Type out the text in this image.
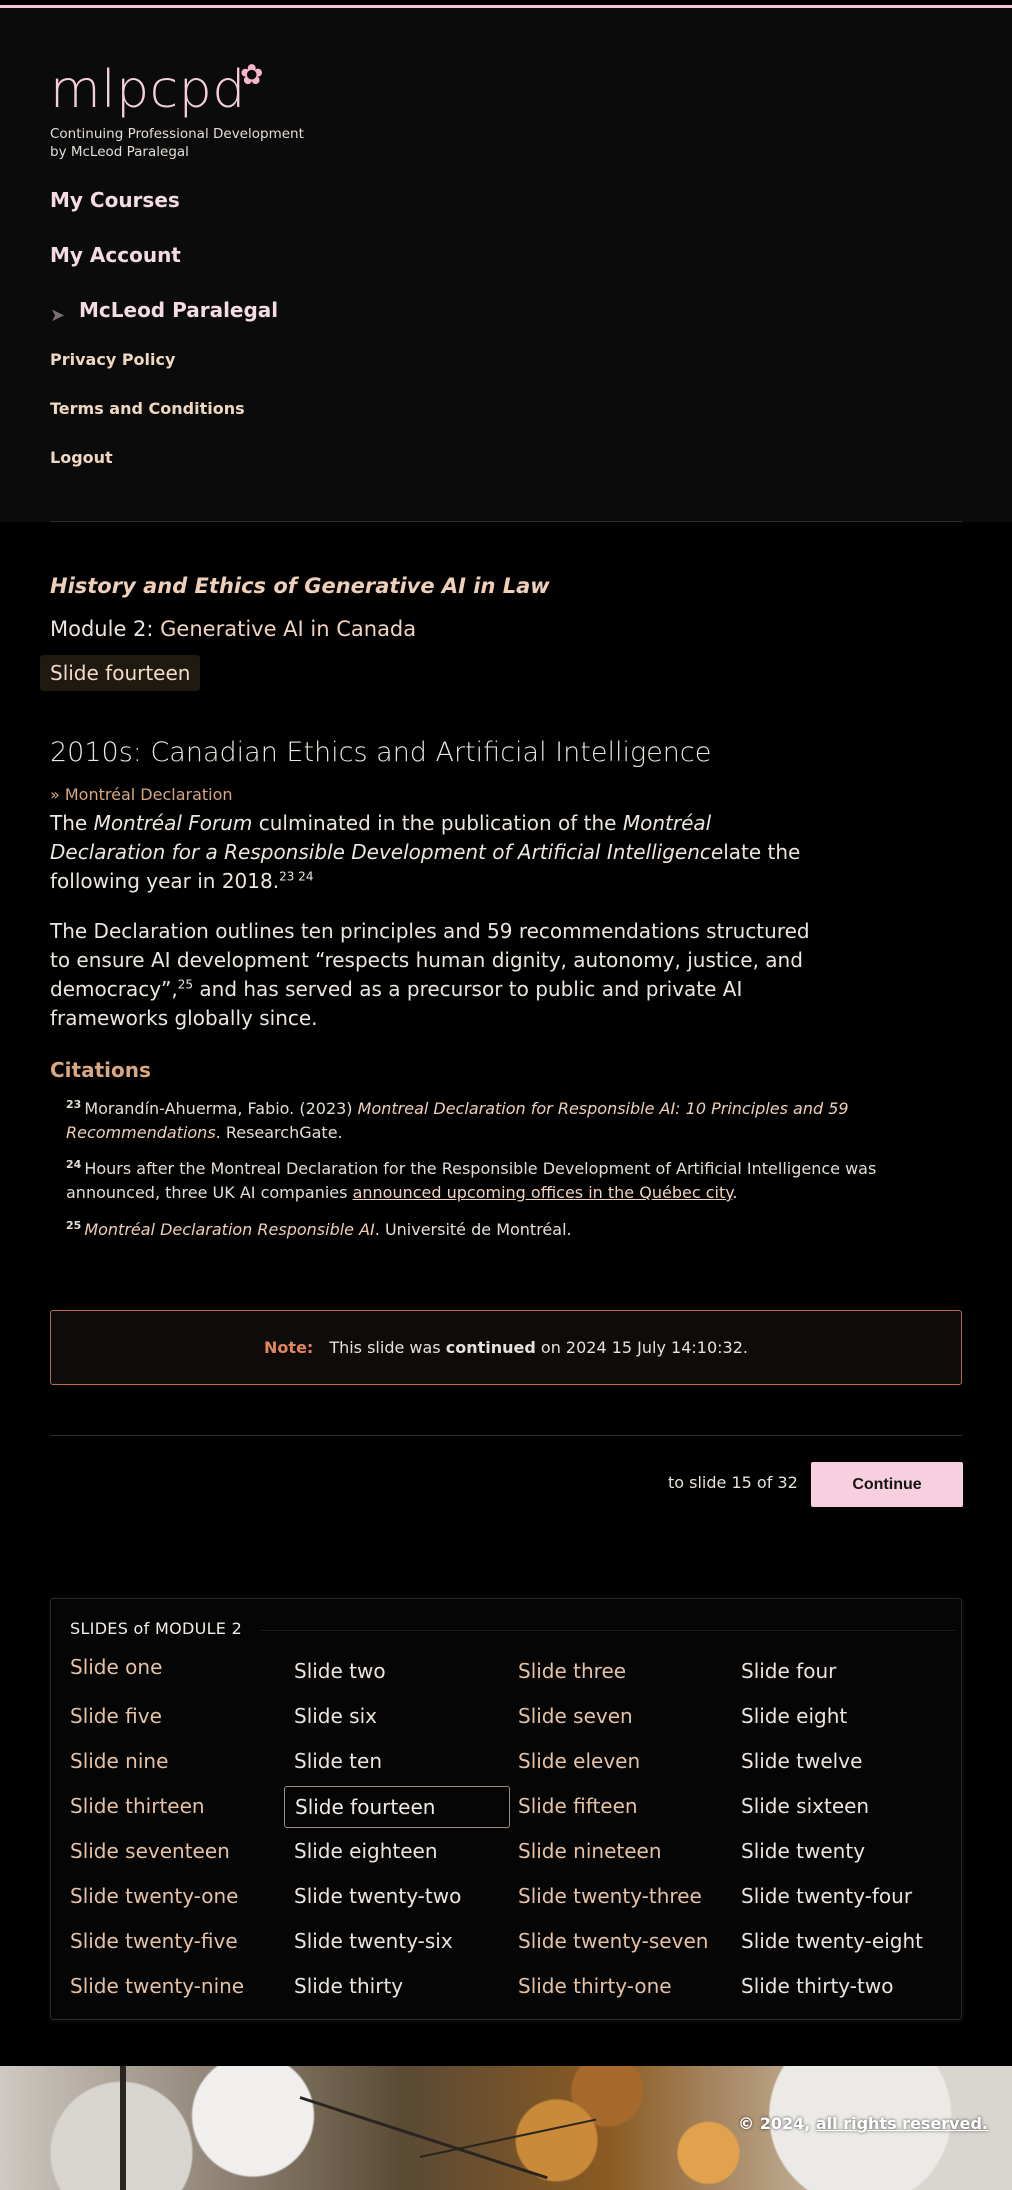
mlpcpd
✿
Continuing Professional Development
by McLeod Paralegal
My Courses
My Account
➤ McLeod Paralegal
Privacy Policy
Terms and Conditions
Logout
History and Ethics of Generative AI in Law
Module 2: Generative AI in Canada
Slide fourteen
2010s: Canadian Ethics and Artificial Intelligence
» Montréal Declaration

The Montréal Forum culminated in the publication of the Montréal Declaration for a Responsible Development of Artificial Intelligencelate the following year in 2018.$^{23 24}$

The Declaration outlines ten principles and 59 recommendations structured to ensure AI development “respects human dignity, autonomy, justice, and democracy”,$^{25}$ and has served as a precursor to public and private AI frameworks globally since.

Citations
$^{23}$ Morandín-Ahuerma, Fabio. (2023) Montreal Declaration for Responsible AI: 10 Principles and 59 Recommendations. ResearchGate.
$^{24}$ Hours after the Montreal Declaration for the Responsible Development of Artificial Intelligence was announced, three UK AI companies announced upcoming offices in the Québec city.
$^{25}$ Montréal Declaration Responsible AI. Université de Montréal.
Note: This slide was continued on 2024 15 July 14:10:32.
to slide 15 of 32	Continue
SLIDES of MODULE 2
Slide one	Slide two	Slide three	Slide four
Slide five	Slide six	Slide seven	Slide eight
Slide nine	Slide ten	Slide eleven	Slide twelve
Slide thirteen	Slide fourteen	Slide fifteen	Slide sixteen
Slide seventeen	Slide eighteen	Slide nineteen	Slide twenty
Slide twenty-one	Slide twenty-two	Slide twenty-three	Slide twenty-four
Slide twenty-five	Slide twenty-six	Slide twenty-seven	Slide twenty-eight
Slide twenty-nine	Slide thirty	Slide thirty-one	Slide thirty-two
© 2024, all rights reserved.
